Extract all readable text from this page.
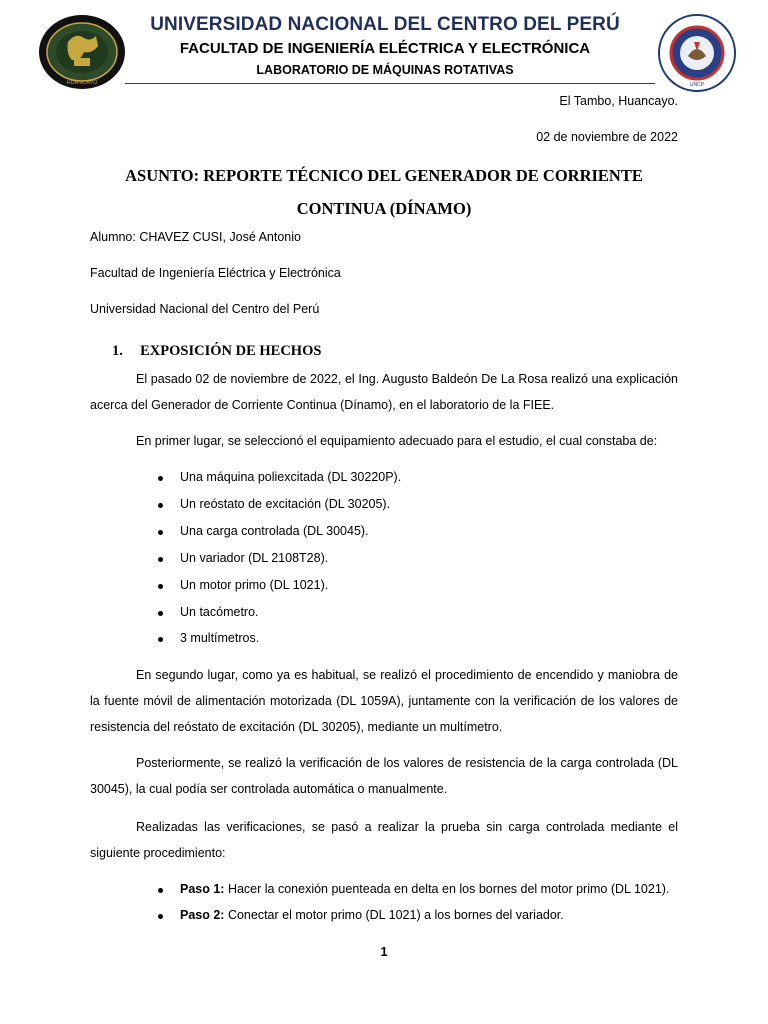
HUANCAYO	UNCP
UNIVERSIDAD NACIONAL DEL CENTRO DEL PERÚ
FACULTAD DE INGENIERÍA ELÉCTRICA Y ELECTRÓNICA
LABORATORIO DE MÁQUINAS ROTATIVAS
El Tambo, Huancayo.
02 de noviembre de 2022
ASUNTO: REPORTE TÉCNICO DEL GENERADOR DE CORRIENTE
CONTINUA (DÍNAMO)
Alumno: CHAVEZ CUSI, José Antonio
Facultad de Ingeniería Eléctrica y Electrónica
Universidad Nacional del Centro del Perú
1. EXPOSICIÓN DE HECHOS

El pasado 02 de noviembre de 2022, el Ing. Augusto Baldeón De La Rosa realizó una explicación acerca del Generador de Corriente Continua (Dínamo), en el laboratorio de la FIEE.

En primer lugar, se seleccionó el equipamiento adecuado para el estudio, el cual constaba de:

Una máquina poliexcitada (DL 30220P).
Un reóstato de excitación (DL 30205).
Una carga controlada (DL 30045).
Un variador (DL 2108T28).
Un motor primo (DL 1021).
Un tacómetro.
3 multímetros.

En segundo lugar, como ya es habitual, se realizó el procedimiento de encendido y maniobra de la fuente móvil de alimentación motorizada (DL 1059A), juntamente con la verificación de los valores de resistencia del reóstato de excitación (DL 30205), mediante un multímetro.

Posteriormente, se realizó la verificación de los valores de resistencia de la carga controlada (DL 30045), la cual podía ser controlada automática o manualmente.

Realizadas las verificaciones, se pasó a realizar la prueba sin carga controlada mediante el siguiente procedimiento:

Paso 1: Hacer la conexión puenteada en delta en los bornes del motor primo (DL 1021).
Paso 2: Conectar el motor primo (DL 1021) a los bornes del variador.
1
